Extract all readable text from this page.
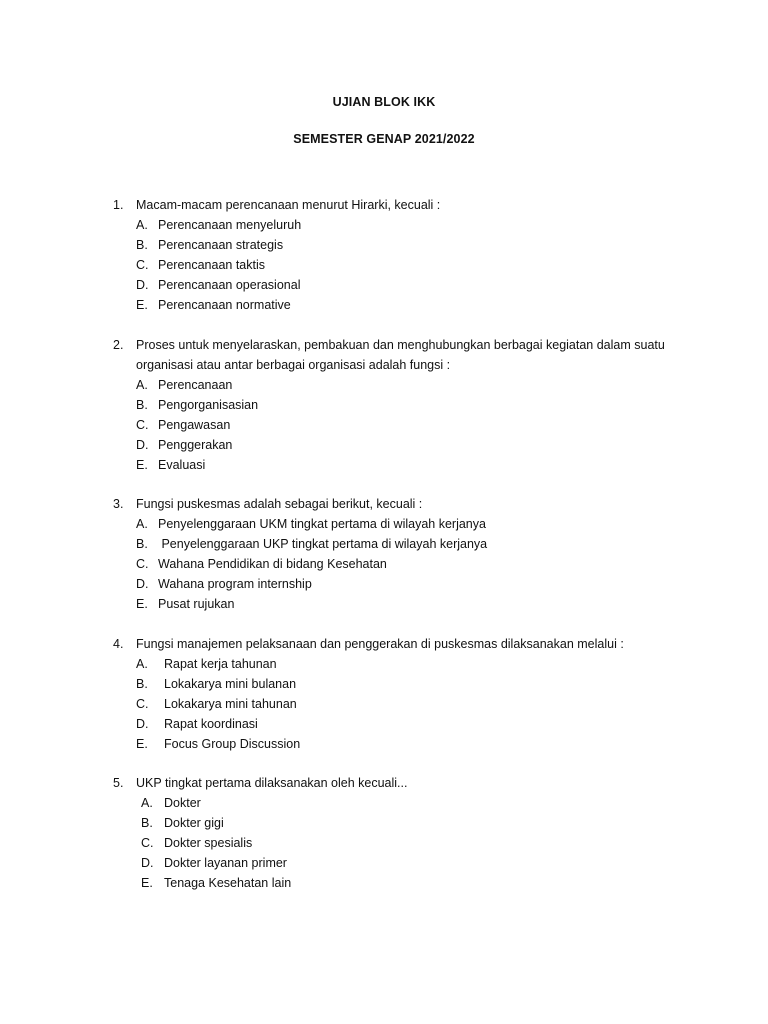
UJIAN BLOK IKK
SEMESTER GENAP 2021/2022
1. Macam-macam perencanaan menurut Hirarki, kecuali :
A. Perencanaan menyeluruh
B. Perencanaan strategis
C. Perencanaan taktis
D. Perencanaan operasional
E. Perencanaan normative
2. Proses untuk menyelaraskan, pembakuan dan menghubungkan berbagai kegiatan dalam suatu
organisasi atau antar berbagai organisasi adalah fungsi :
A. Perencanaan
B. Pengorganisasian
C. Pengawasan
D. Penggerakan
E. Evaluasi
3. Fungsi puskesmas adalah sebagai berikut, kecuali :
A. Penyelenggaraan UKM tingkat pertama di wilayah kerjanya
B. Penyelenggaraan UKP tingkat pertama di wilayah kerjanya
C. Wahana Pendidikan di bidang Kesehatan
D. Wahana program internship
E. Pusat rujukan
4. Fungsi manajemen pelaksanaan dan penggerakan di puskesmas dilaksanakan melalui :
A. Rapat kerja tahunan
B. Lokakarya mini bulanan
C. Lokakarya mini tahunan
D. Rapat koordinasi
E. Focus Group Discussion
5. UKP tingkat pertama dilaksanakan oleh kecuali...
A. Dokter
B. Dokter gigi
C. Dokter spesialis
D. Dokter layanan primer
E. Tenaga Kesehatan lain
